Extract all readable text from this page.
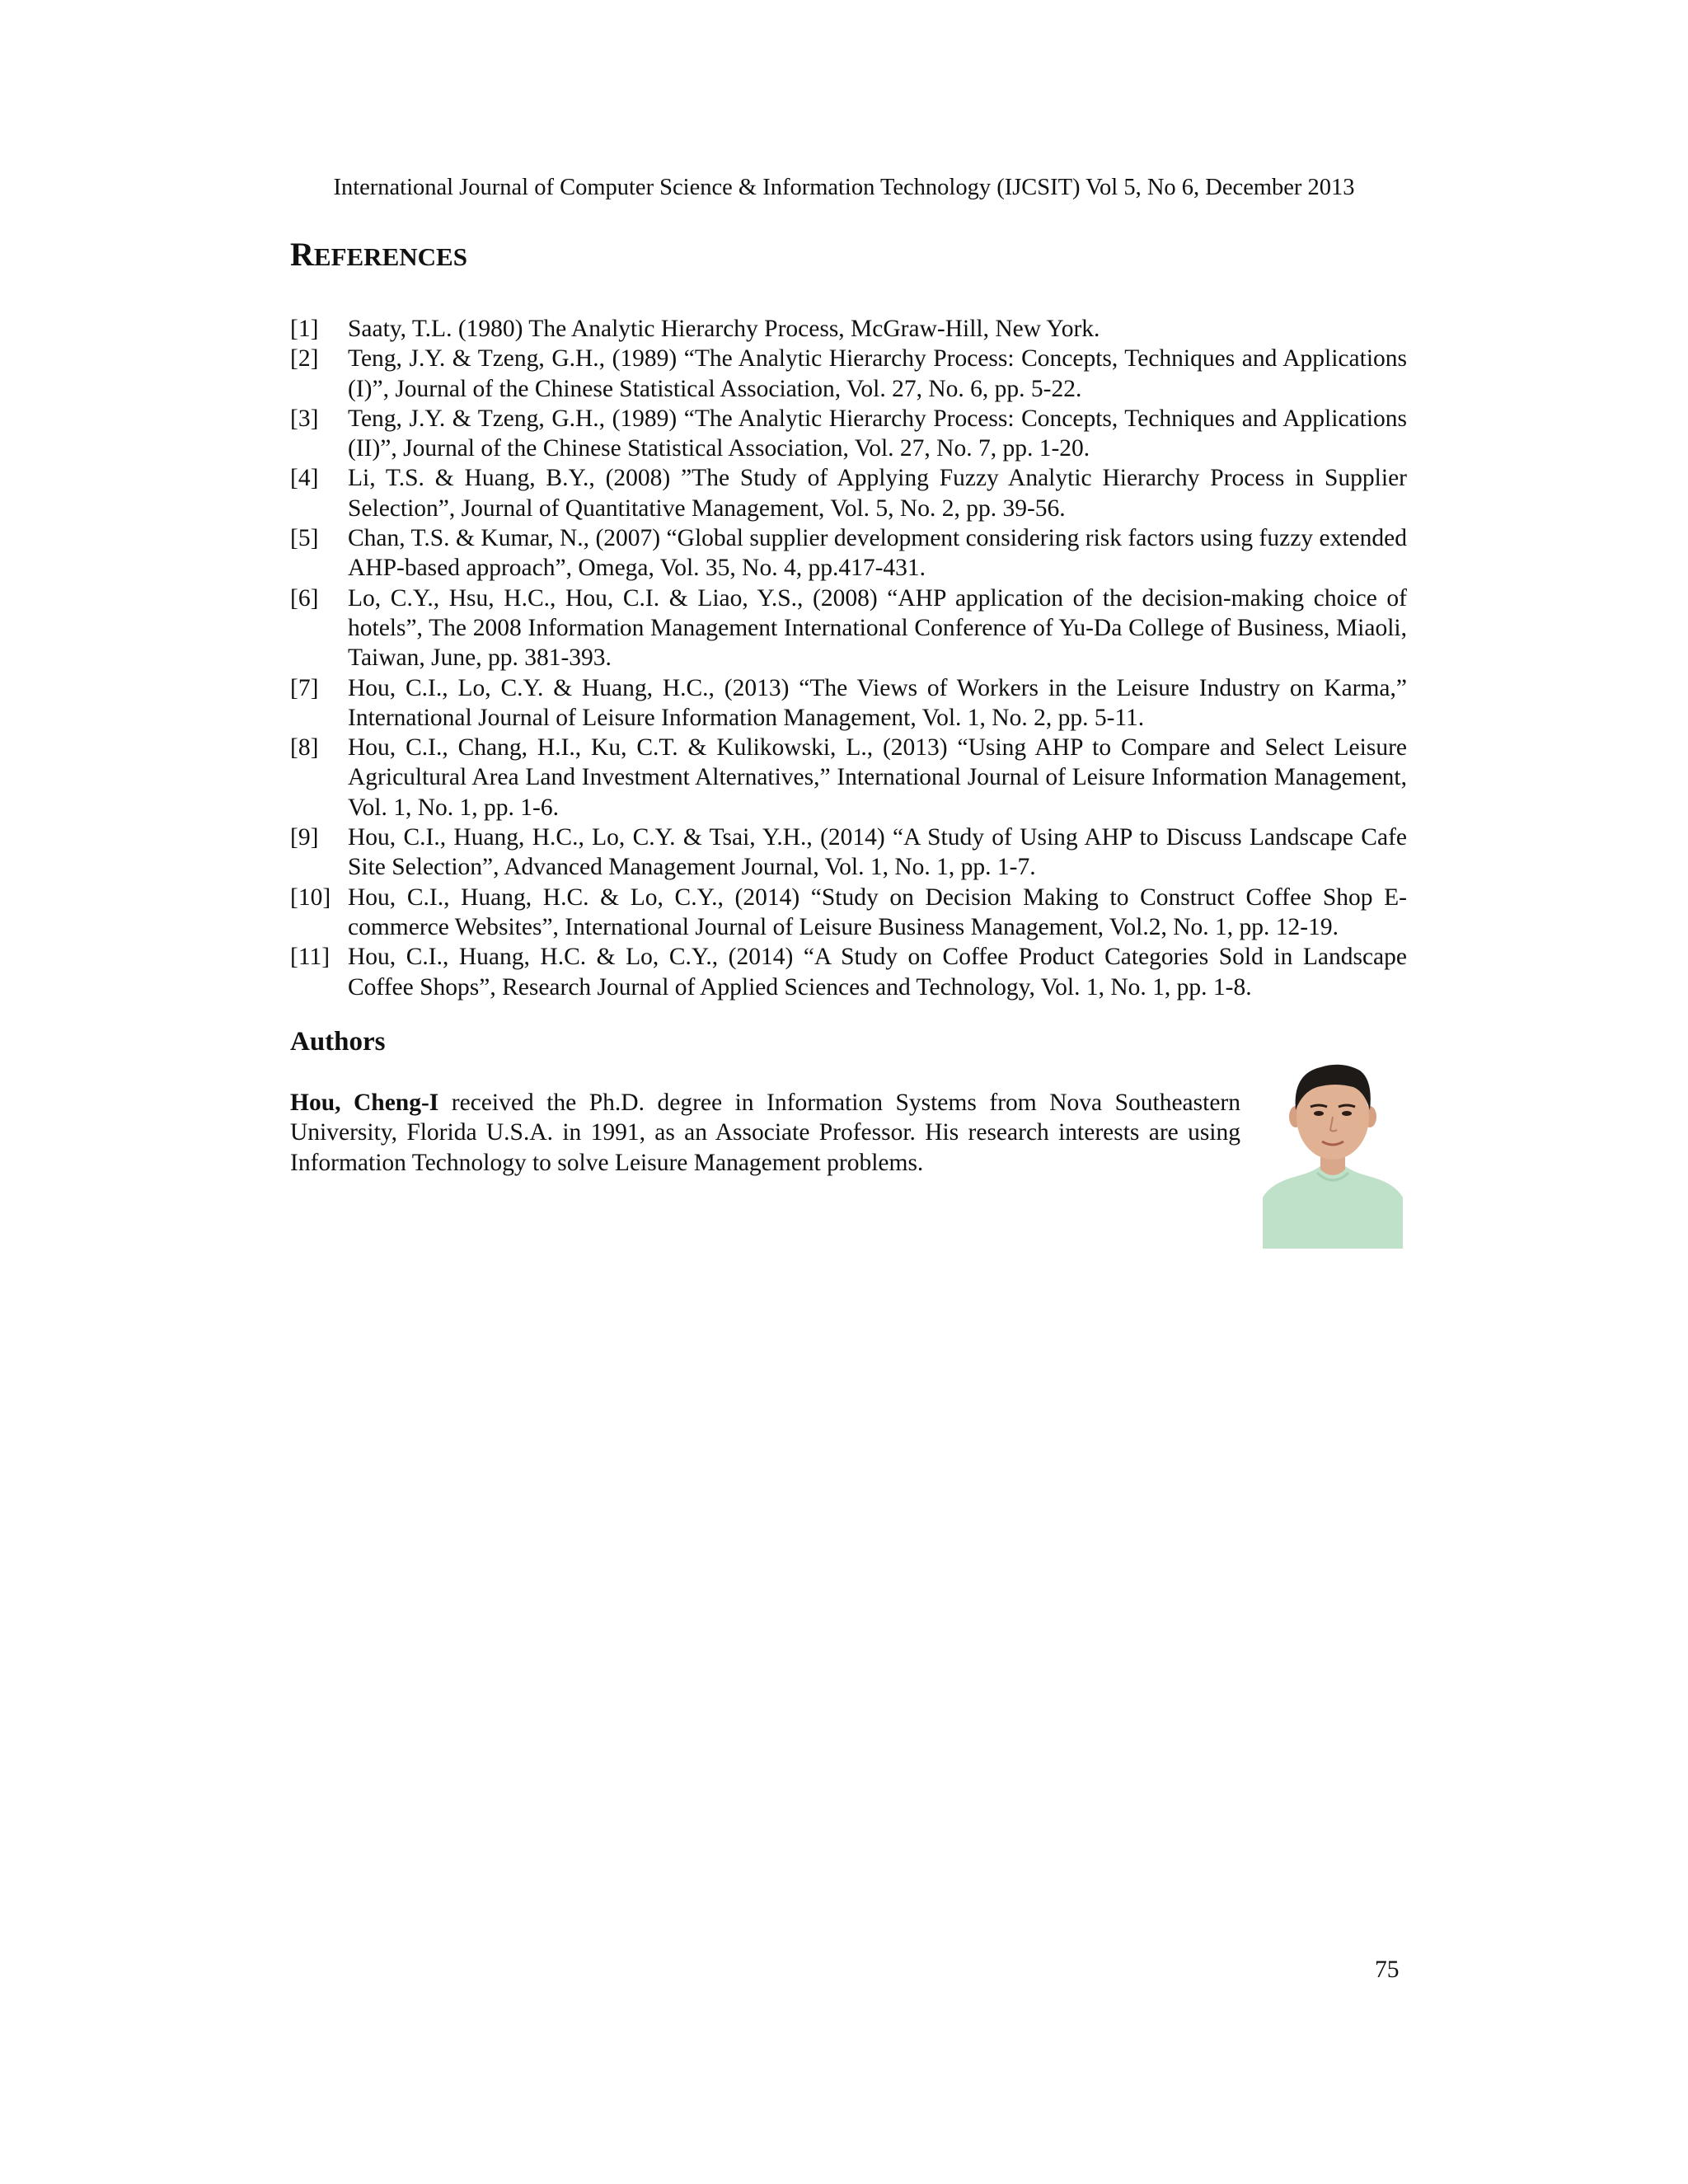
International Journal of Computer Science & Information Technology (IJCSIT) Vol 5, No 6, December 2013
REFERENCES
[1]	Saaty, T.L. (1980) The Analytic Hierarchy Process, McGraw-Hill, New York.
[2]	Teng, J.Y. & Tzeng, G.H., (1989) “The Analytic Hierarchy Process: Concepts, Techniques and Applications (I)”, Journal of the Chinese Statistical Association, Vol. 27, No. 6, pp. 5-22.
[3]	Teng, J.Y. & Tzeng, G.H., (1989) “The Analytic Hierarchy Process: Concepts, Techniques and Applications (II)”, Journal of the Chinese Statistical Association, Vol. 27, No. 7, pp. 1-20.
[4]	Li, T.S. & Huang, B.Y., (2008) ”The Study of Applying Fuzzy Analytic Hierarchy Process in Supplier Selection”, Journal of Quantitative Management, Vol. 5, No. 2, pp. 39-56.
[5]	Chan, T.S. & Kumar, N., (2007) “Global supplier development considering risk factors using fuzzy extended AHP-based approach”, Omega, Vol. 35, No. 4, pp.417-431.
[6]	Lo, C.Y., Hsu, H.C., Hou, C.I. & Liao, Y.S., (2008) “AHP application of the decision-making choice of hotels”, The 2008 Information Management International Conference of Yu-Da College of Business, Miaoli, Taiwan, June, pp. 381-393.
[7]	Hou, C.I., Lo, C.Y. & Huang, H.C., (2013) “The Views of Workers in the Leisure Industry on Karma,” International Journal of Leisure Information Management, Vol. 1, No. 2, pp. 5-11.
[8]	Hou, C.I., Chang, H.I., Ku, C.T. & Kulikowski, L., (2013) “Using AHP to Compare and Select Leisure Agricultural Area Land Investment Alternatives,” International Journal of Leisure Information Management, Vol. 1, No. 1, pp. 1-6.
[9]	Hou, C.I., Huang, H.C., Lo, C.Y. & Tsai, Y.H., (2014) “A Study of Using AHP to Discuss Landscape Cafe Site Selection”, Advanced Management Journal, Vol. 1, No. 1, pp. 1-7.
[10] Hou, C.I., Huang, H.C. & Lo, C.Y., (2014) “Study on Decision Making to Construct Coffee Shop E-commerce Websites”, International Journal of Leisure Business Management, Vol.2, No. 1, pp. 12-19.
[11] Hou, C.I., Huang, H.C. & Lo, C.Y., (2014) “A Study on Coffee Product Categories Sold in Landscape Coffee Shops”, Research Journal of Applied Sciences and Technology, Vol. 1, No. 1, pp. 1-8.
Authors

Hou, Cheng-I received the Ph.D. degree in Information Systems from Nova Southeastern University, Florida U.S.A. in 1991, as an Associate Professor. His research interests are using Information Technology to solve Leisure Management problems.

75
